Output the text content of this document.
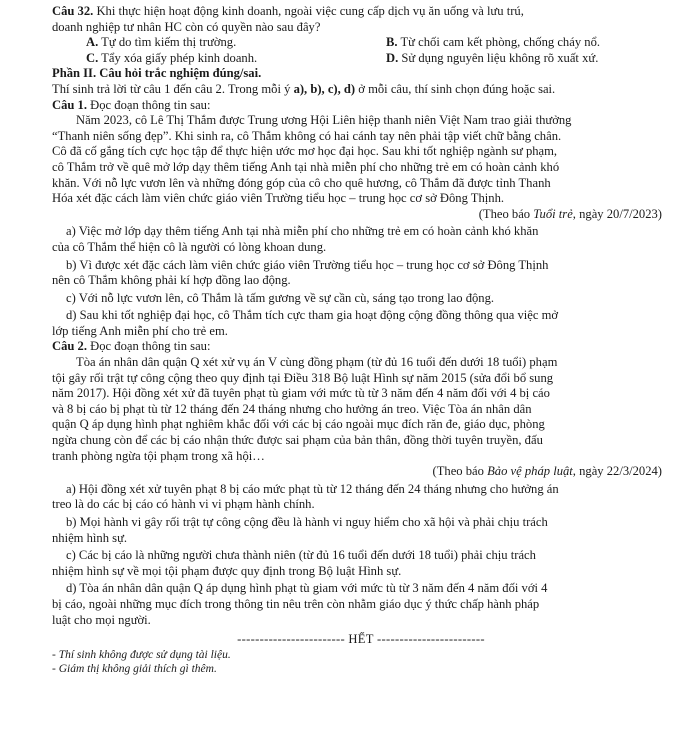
Câu 32. Khi thực hiện hoạt động kinh doanh, ngoài việc cung cấp dịch vụ ăn uống và lưu trú,
doanh nghiệp tư nhân HC còn có quyền nào sau đây?
A. Tự do tìm kiếm thị trường.	B. Từ chối cam kết phòng, chống cháy nổ.
C. Tẩy xóa giấy phép kinh doanh.	D. Sử dụng nguyên liệu không rõ xuất xứ.
Phần II. Câu hỏi trắc nghiệm đúng/sai.
Thí sinh trả lời từ câu 1 đến câu 2. Trong mỗi ý a), b), c), d) ở mỗi câu, thí sinh chọn đúng hoặc sai.
Câu 1. Đọc đoạn thông tin sau:
Năm 2023, cô Lê Thị Thắm được Trung ương Hội Liên hiệp thanh niên Việt Nam trao giải thưởng
“Thanh niên sống đẹp”. Khi sinh ra, cô Thắm không có hai cánh tay nên phải tập viết chữ bằng chân.
Cô đã cố gắng tích cực học tập để thực hiện ước mơ học đại học. Sau khi tốt nghiệp ngành sư phạm,
cô Thắm trở về quê mở lớp dạy thêm tiếng Anh tại nhà miễn phí cho những trẻ em có hoàn cảnh khó
khăn. Với nỗ lực vươn lên và những đóng góp của cô cho quê hương, cô Thắm đã được tỉnh Thanh
Hóa xét đặc cách làm viên chức giáo viên Trường tiểu học – trung học cơ sở Đông Thịnh.
(Theo báo Tuổi trẻ, ngày 20/7/2023)
a) Việc mở lớp dạy thêm tiếng Anh tại nhà miễn phí cho những trẻ em có hoàn cảnh khó khăn
của cô Thắm thể hiện cô là người có lòng khoan dung.
b) Vì được xét đặc cách làm viên chức giáo viên Trường tiểu học – trung học cơ sở Đông Thịnh
nên cô Thắm không phải kí hợp đồng lao động.
c) Với nỗ lực vươn lên, cô Thắm là tấm gương về sự cần cù, sáng tạo trong lao động.
d) Sau khi tốt nghiệp đại học, cô Thắm tích cực tham gia hoạt động cộng đồng thông qua việc mở
lớp tiếng Anh miễn phí cho trẻ em.
Câu 2. Đọc đoạn thông tin sau:
Tòa án nhân dân quận Q xét xử vụ án V cùng đồng phạm (từ đủ 16 tuổi đến dưới 18 tuổi) phạm
tội gây rối trật tự công cộng theo quy định tại Điều 318 Bộ luật Hình sự năm 2015 (sửa đổi bổ sung
năm 2017). Hội đồng xét xử đã tuyên phạt tù giam với mức tù từ 3 năm đến 4 năm đối với 4 bị cáo
và 8 bị cáo bị phạt tù từ 12 tháng đến 24 tháng nhưng cho hưởng án treo. Việc Tòa án nhân dân
quận Q áp dụng hình phạt nghiêm khắc đối với các bị cáo ngoài mục đích răn đe, giáo dục, phòng
ngừa chung còn để các bị cáo nhận thức được sai phạm của bản thân, đồng thời tuyên truyền, đấu
tranh phòng ngừa tội phạm trong xã hội…
(Theo báo Bảo vệ pháp luật, ngày 22/3/2024)
a) Hội đồng xét xử tuyên phạt 8 bị cáo mức phạt tù từ 12 tháng đến 24 tháng nhưng cho hưởng án
treo là do các bị cáo có hành vi vi phạm hành chính.
b) Mọi hành vi gây rối trật tự công cộng đều là hành vi nguy hiểm cho xã hội và phải chịu trách
nhiệm hình sự.
c) Các bị cáo là những người chưa thành niên (từ đủ 16 tuổi đến dưới 18 tuổi) phải chịu trách
nhiệm hình sự về mọi tội phạm được quy định trong Bộ luật Hình sự.
d) Tòa án nhân dân quận Q áp dụng hình phạt tù giam với mức tù từ 3 năm đến 4 năm đối với 4
bị cáo, ngoài những mục đích trong thông tin nêu trên còn nhằm giáo dục ý thức chấp hành pháp
luật cho mọi người.
------------------------ HẾT ------------------------
- Thí sinh không được sử dụng tài liệu.
- Giám thị không giải thích gì thêm.
